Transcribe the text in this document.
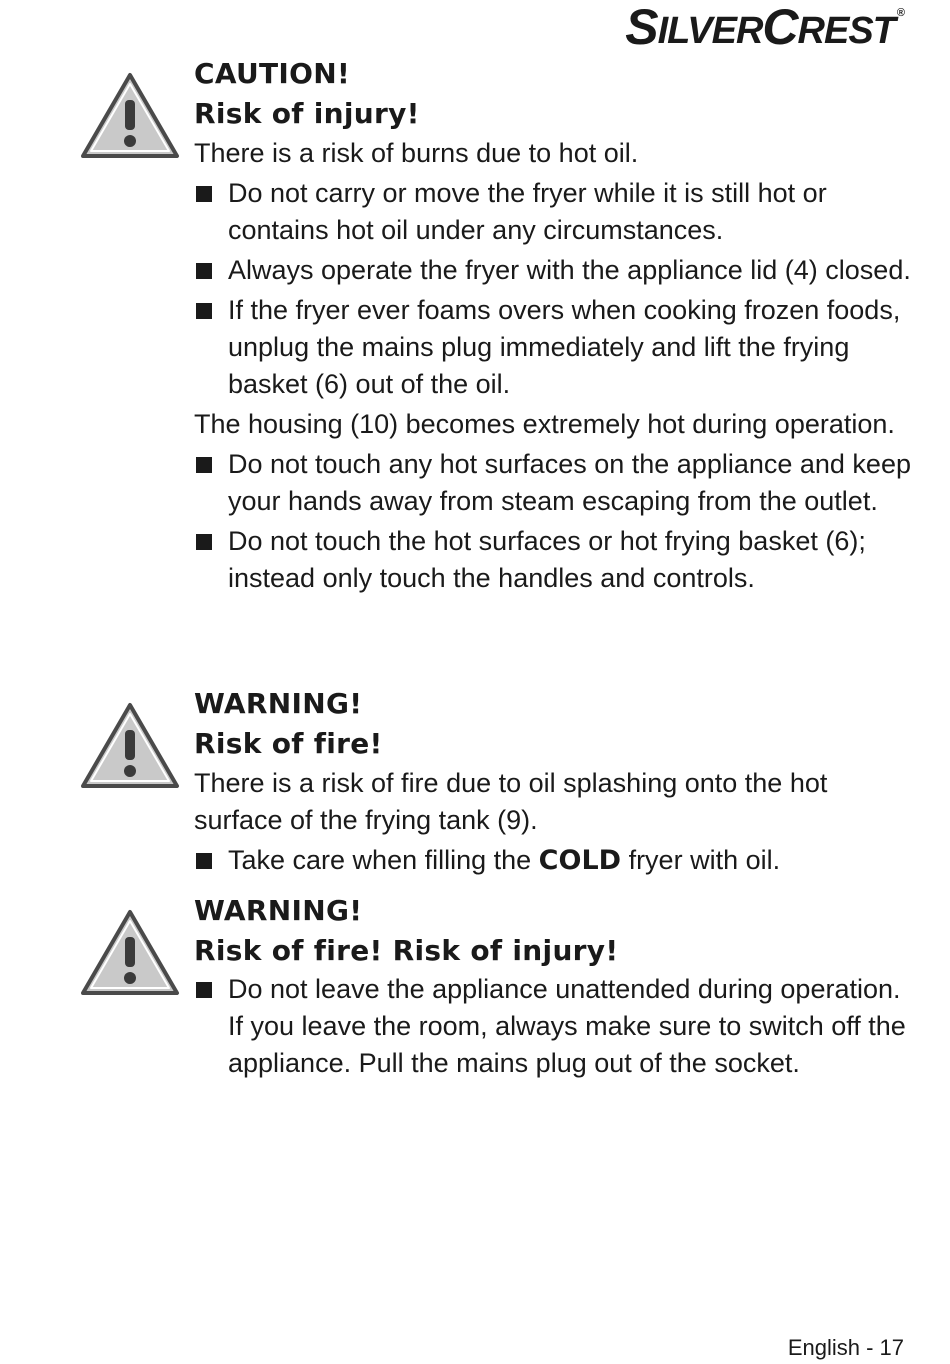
S ILVER C REST ®
CAUTION!
Risk of injury!
There is a risk of burns due to hot oil.
Do not carry or move the fryer while it is still hot or contains hot oil under any circumstances.
Always operate the fryer with the appliance lid (4) closed.
If the fryer ever foams overs when cooking frozen foods, unplug the mains plug immediately and lift the frying basket (6) out of the oil.
The housing (10) becomes extremely hot during operation.
Do not touch any hot surfaces on the appliance and keep your hands away from steam escaping from the outlet.
Do not touch the hot surfaces or hot frying basket (6); instead only touch the handles and controls.
WARNING!
Risk of fire!
There is a risk of fire due to oil splashing onto the hot surface of the frying tank (9).
Take care when filling the COLD fryer with oil.
WARNING!
Risk of fire! Risk of injury!
Do not leave the appliance unattended during operation. If you leave the room, always make sure to switch off the appliance. Pull the mains plug out of the socket.
English - 17
